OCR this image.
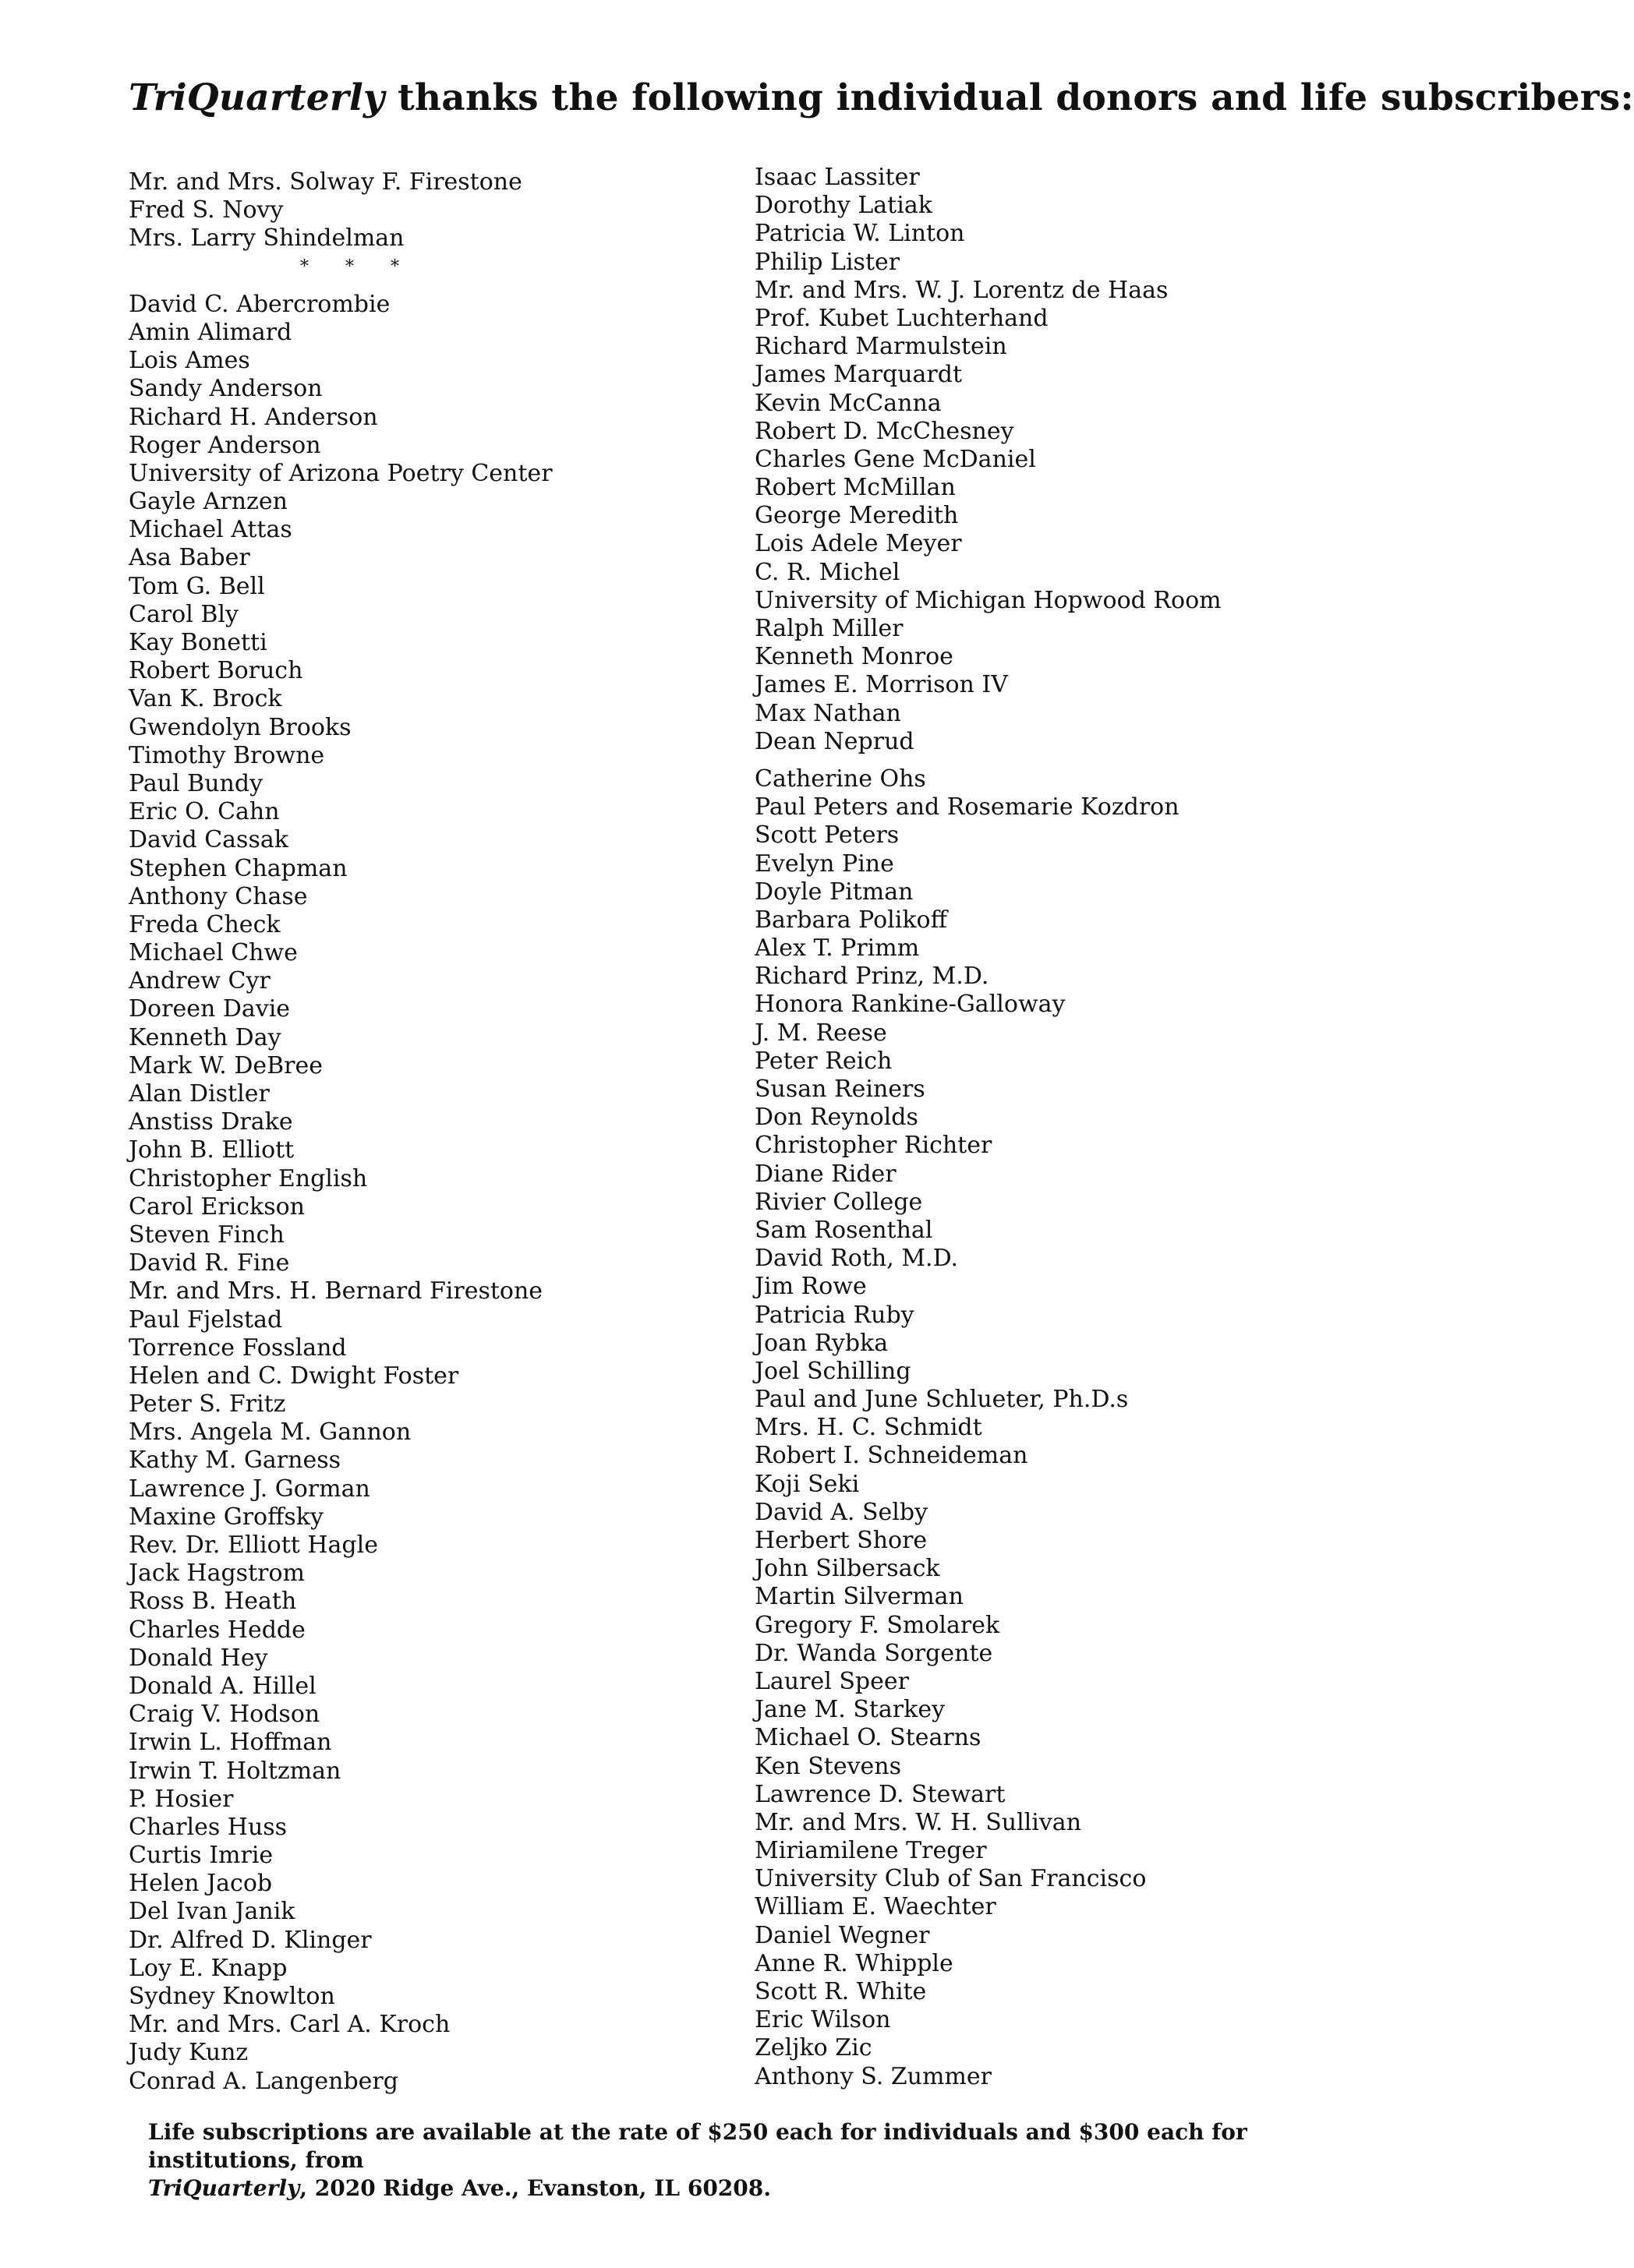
TriQuarterly thanks the following individual donors and life subscribers:
Mr. and Mrs. Solway F. Firestone
Fred S. Novy
Mrs. Larry Shindelman
* * *
David C. Abercrombie
Amin Alimard
Lois Ames
Sandy Anderson
Richard H. Anderson
Roger Anderson
University of Arizona Poetry Center
Gayle Arnzen
Michael Attas
Asa Baber
Tom G. Bell
Carol Bly
Kay Bonetti
Robert Boruch
Van K. Brock
Gwendolyn Brooks
Timothy Browne
Paul Bundy
Eric O. Cahn
David Cassak
Stephen Chapman
Anthony Chase
Freda Check
Michael Chwe
Andrew Cyr
Doreen Davie
Kenneth Day
Mark W. DeBree
Alan Distler
Anstiss Drake
John B. Elliott
Christopher English
Carol Erickson
Steven Finch
David R. Fine
Mr. and Mrs. H. Bernard Firestone
Paul Fjelstad
Torrence Fossland
Helen and C. Dwight Foster
Peter S. Fritz
Mrs. Angela M. Gannon
Kathy M. Garness
Lawrence J. Gorman
Maxine Groffsky
Rev. Dr. Elliott Hagle
Jack Hagstrom
Ross B. Heath
Charles Hedde
Donald Hey
Donald A. Hillel
Craig V. Hodson
Irwin L. Hoffman
Irwin T. Holtzman
P. Hosier
Charles Huss
Curtis Imrie
Helen Jacob
Del Ivan Janik
Dr. Alfred D. Klinger
Loy E. Knapp
Sydney Knowlton
Mr. and Mrs. Carl A. Kroch
Judy Kunz
Conrad A. Langenberg
Isaac Lassiter
Dorothy Latiak
Patricia W. Linton
Philip Lister
Mr. and Mrs. W. J. Lorentz de Haas
Prof. Kubet Luchterhand
Richard Marmulstein
James Marquardt
Kevin McCanna
Robert D. McChesney
Charles Gene McDaniel
Robert McMillan
George Meredith
Lois Adele Meyer
C. R. Michel
University of Michigan Hopwood Room
Ralph Miller
Kenneth Monroe
James E. Morrison IV
Max Nathan
Dean Neprud
Catherine Ohs
Paul Peters and Rosemarie Kozdron
Scott Peters
Evelyn Pine
Doyle Pitman
Barbara Polikoff
Alex T. Primm
Richard Prinz, M.D.
Honora Rankine-Galloway
J. M. Reese
Peter Reich
Susan Reiners
Don Reynolds
Christopher Richter
Diane Rider
Rivier College
Sam Rosenthal
David Roth, M.D.
Jim Rowe
Patricia Ruby
Joan Rybka
Joel Schilling
Paul and June Schlueter, Ph.D.s
Mrs. H. C. Schmidt
Robert I. Schneideman
Koji Seki
David A. Selby
Herbert Shore
John Silbersack
Martin Silverman
Gregory F. Smolarek
Dr. Wanda Sorgente
Laurel Speer
Jane M. Starkey
Michael O. Stearns
Ken Stevens
Lawrence D. Stewart
Mr. and Mrs. W. H. Sullivan
Miriamilene Treger
University Club of San Francisco
William E. Waechter
Daniel Wegner
Anne R. Whipple
Scott R. White
Eric Wilson
Zeljko Zic
Anthony S. Zummer
Life subscriptions are available at the rate of $250 each for individuals and $300 each for institutions, from
TriQuarterly, 2020 Ridge Ave., Evanston, IL 60208.
